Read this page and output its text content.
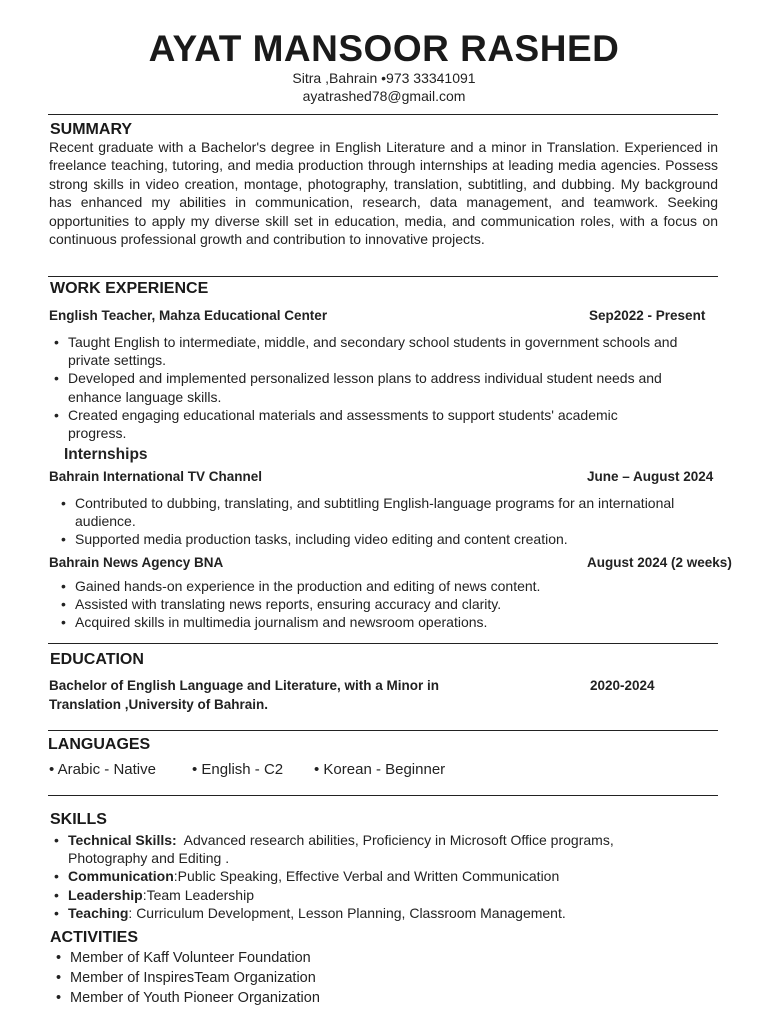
AYAT MANSOOR RASHED
Sitra ,Bahrain •973 33341091
ayatrashed78@gmail.com
SUMMARY
Recent graduate with a Bachelor's degree in English Literature and a minor in Translation. Experienced in freelance teaching, tutoring, and media production through internships at leading media agencies. Possess strong skills in video creation, montage, photography, translation, subtitling, and dubbing. My background has enhanced my abilities in communication, research, data management, and teamwork. Seeking opportunities to apply my diverse skill set in education, media, and communication roles, with a focus on continuous professional growth and contribution to innovative projects.
WORK EXPERIENCE
English Teacher, Mahza Educational Center	Sep2022 - Present
• Taught English to intermediate, middle, and secondary school students in government schools and private settings.
• Developed and implemented personalized lesson plans to address individual student needs and enhance language skills.
• Created engaging educational materials and assessments to support students' academic progress.
Internships
Bahrain International TV Channel	June – August 2024
• Contributed to dubbing, translating, and subtitling English-language programs for an international audience.
• Supported media production tasks, including video editing and content creation.
Bahrain News Agency BNA	August 2024 (2 weeks)
• Gained hands-on experience in the production and editing of news content.
• Assisted with translating news reports, ensuring accuracy and clarity.
• Acquired skills in multimedia journalism and newsroom operations.
EDUCATION
Bachelor of English Language and Literature, with a Minor in
Translation ,University of Bahrain.
2020-2024
LANGUAGES
• Arabic - Native • English - C2 • Korean - Beginner
SKILLS
• Technical Skills:  Advanced research abilities, Proficiency in Microsoft Office programs, Photography and Editing .
• Communication:Public Speaking, Effective Verbal and Written Communication
• Leadership:Team Leadership
• Teaching: Curriculum Development, Lesson Planning, Classroom Management.
ACTIVITIES
• Member of Kaff Volunteer Foundation
• Member of InspiresTeam Organization
• Member of Youth Pioneer Organization
